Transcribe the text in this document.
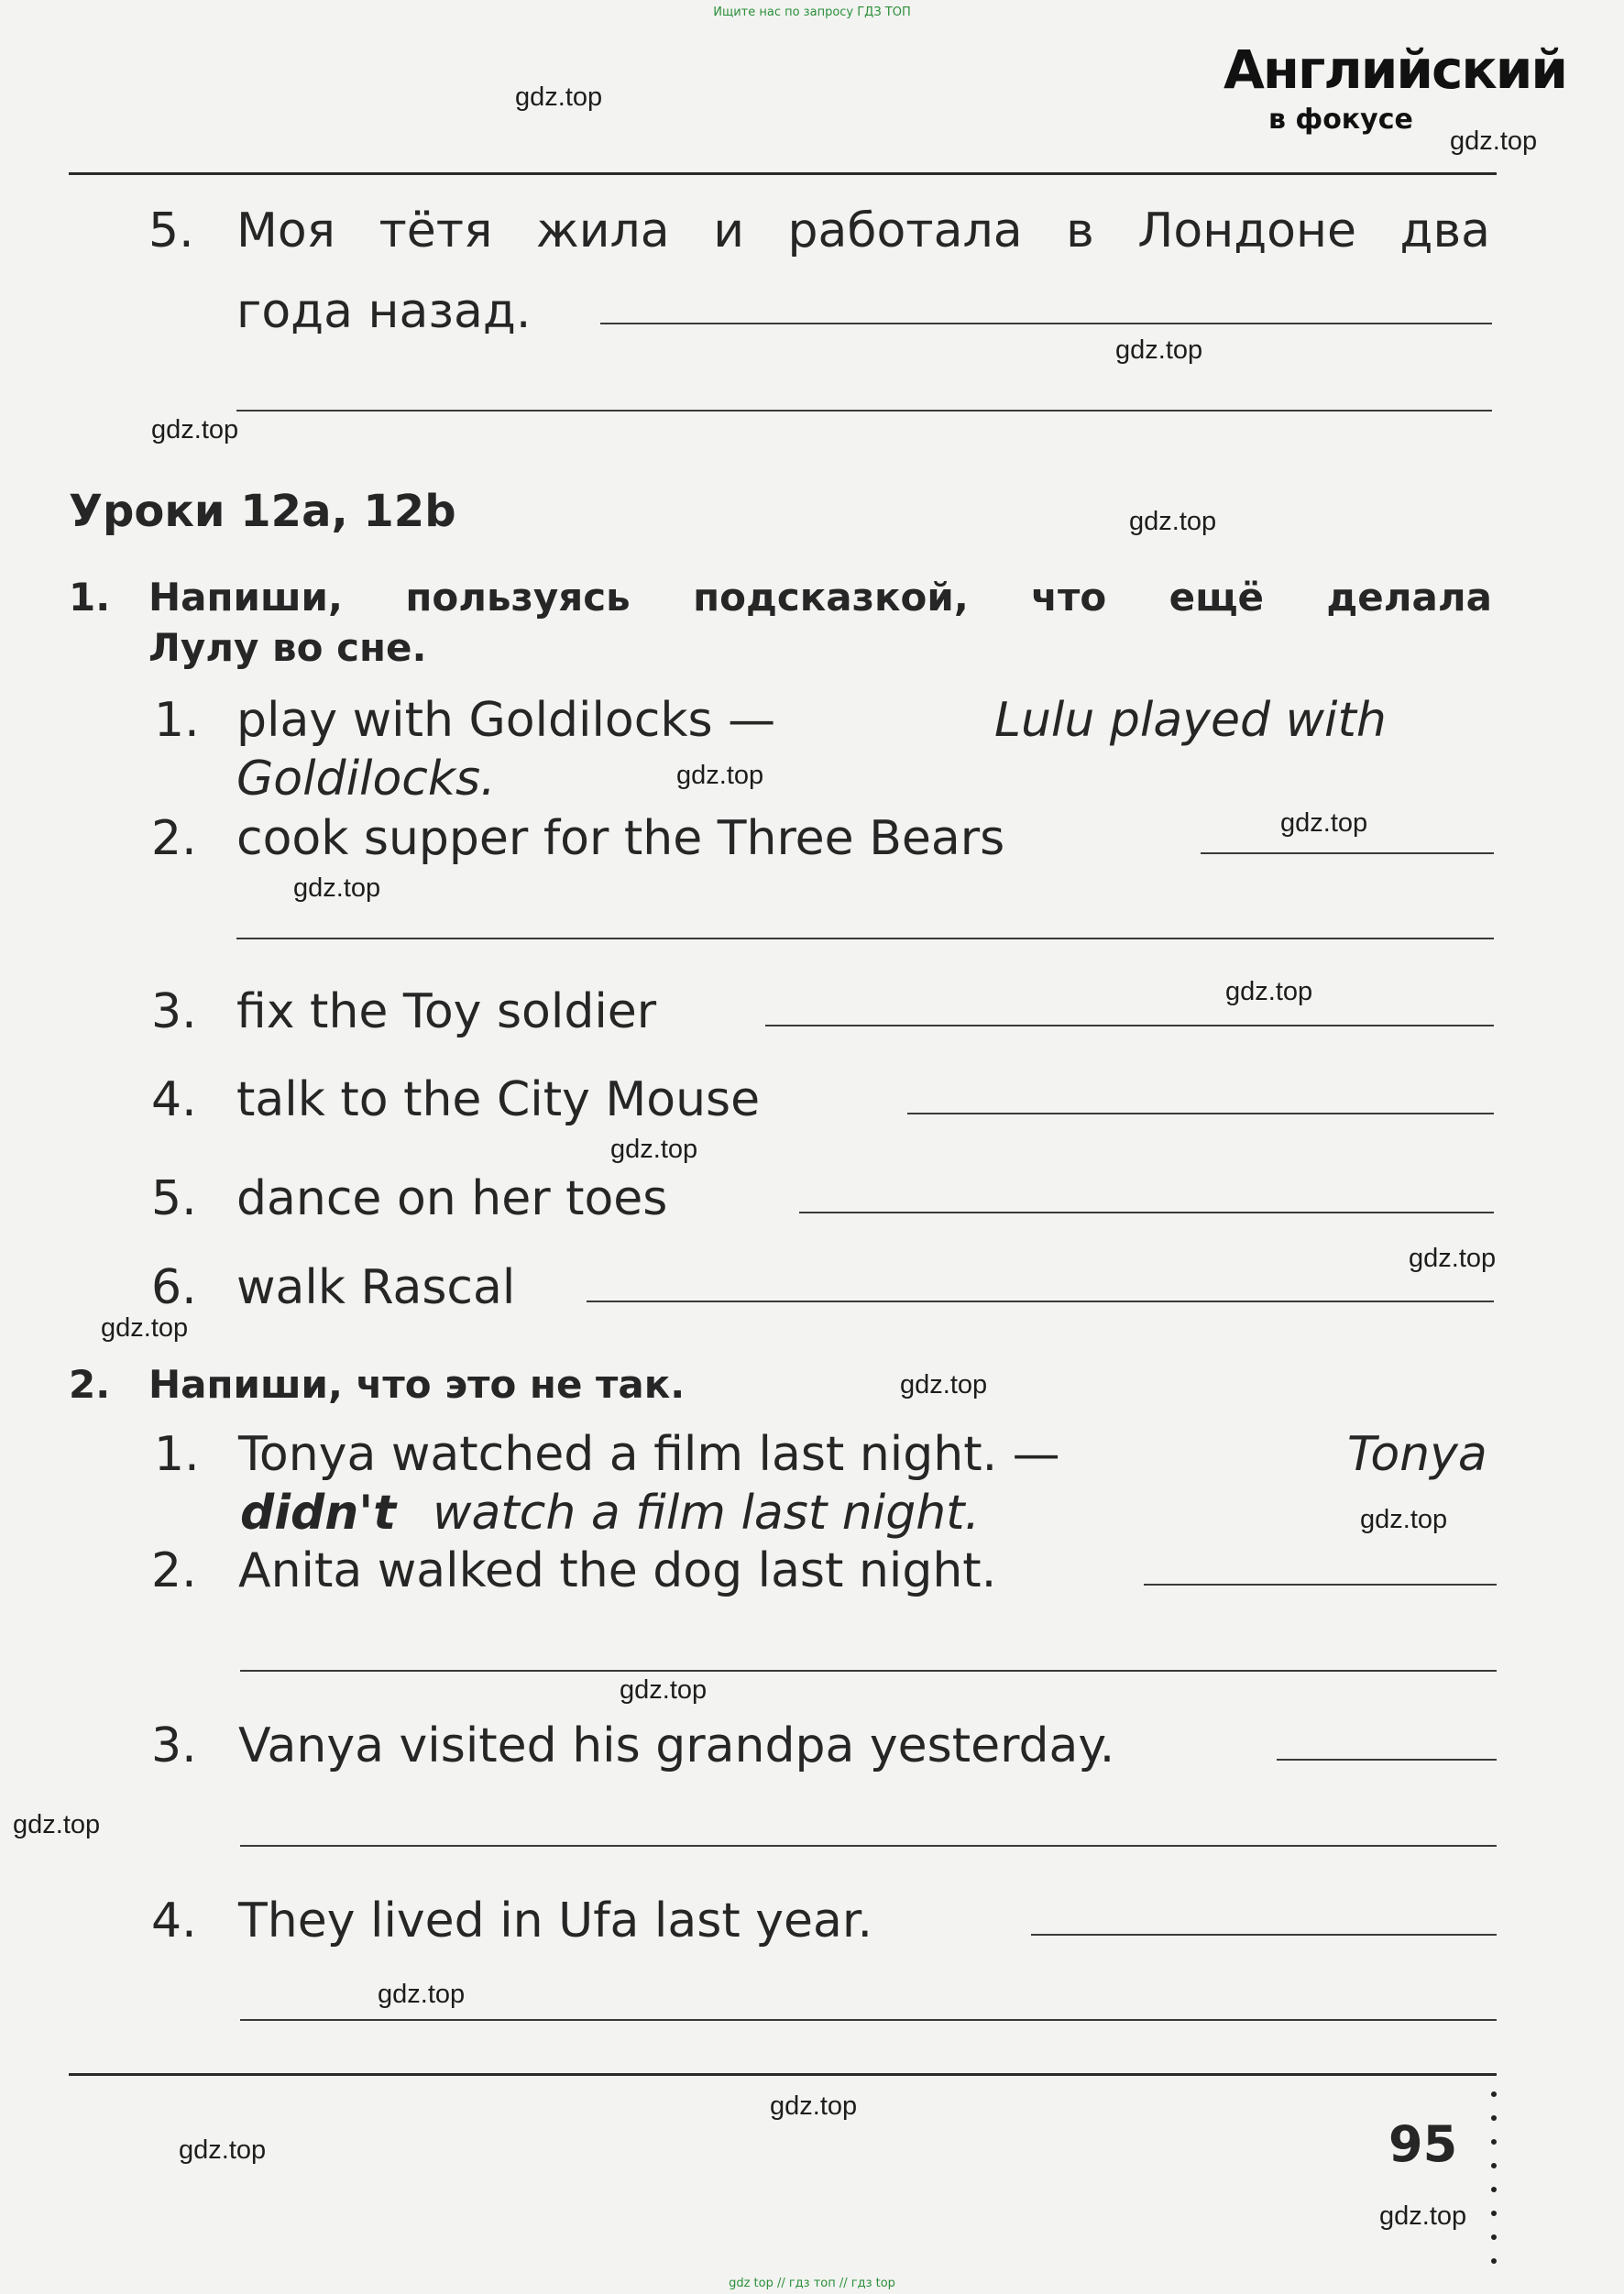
Ищите нас по запросу ГДЗ ТОП
gdz top // гдз топ // гдз top
Английский
в фокусе
5. Моя тётя жила и работала в Лондоне два
года назад.
Уроки 12a, 12b
1. Напиши, пользуясь подсказкой, что ещё делала
Лулу во сне.
1. play with Goldilocks —	Lulu played with
Goldilocks.
2. cook supper for the Three Bears
3. fix the Toy soldier
4. talk to the City Mouse
5. dance on her toes
6. walk Rascal
2. Напиши, что это не так.
1. Tonya watched a film last night. —	Tonya
didn't watch a film last night.
2. Anita walked the dog last night.
3. Vanya visited his grandpa yesterday.
4. They lived in Ufa last year.
95
gdz.top
gdz.top
gdz.top
gdz.top
gdz.top
gdz.top
gdz.top
gdz.top
gdz.top
gdz.top
gdz.top
gdz.top
gdz.top
gdz.top
gdz.top
gdz.top
gdz.top
gdz.top
gdz.top
gdz.top
